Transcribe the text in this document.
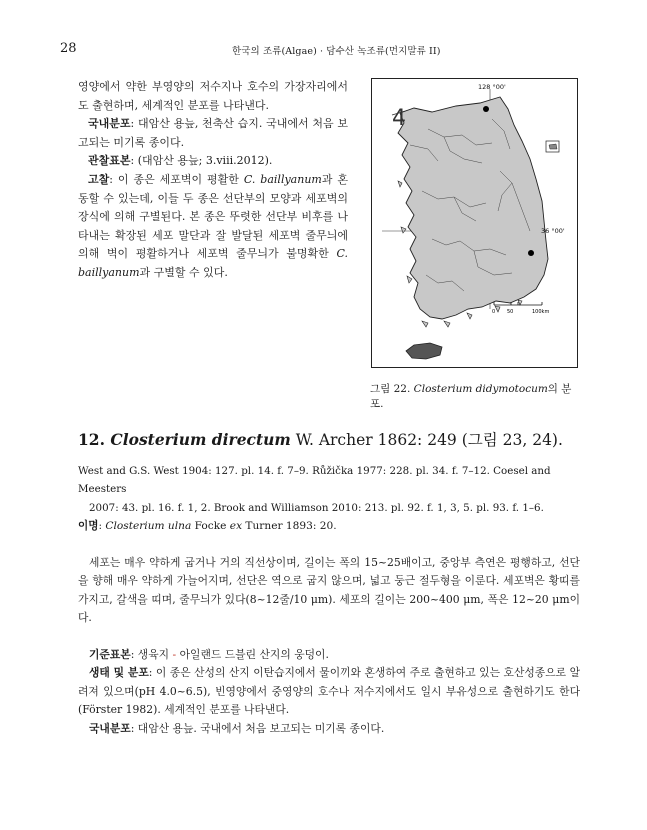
28	한국의 조류(Algae) · 담수산 녹조류(먼지말류 II)

영양에서 약한 부영양의 저수지나 호수의 가장자리에서 도 출현하며, 세계적인 분포를 나타낸다.

국내분포: 대암산 용늪, 천축산 습지. 국내에서 처음 보고되는 미기록 종이다.

관찰표본: (대암산 용늪; 3.viii.2012).

고찰: 이 종은 세포벽이 평활한 C. baillyanum과 혼동할 수 있는데, 이들 두 종은 선단부의 모양과 세포벽의 장식에 의해 구별된다. 본 종은 뚜렷한 선단부 비후를 나타내는 확장된 세포 말단과 잘 발달된 세포벽 줄무늬에 의해 벽이 평활하거나 세포벽 줄무늬가 불명확한 C. baillyanum과 구별할 수 있다.

4
128 °00'
36 °00'
0 50	100km
그림 22. Closterium didymotocum의 분포.
12. Closterium directum W. Archer 1862: 249 (그림 23, 24).
West and G.S. West 1904: 127. pl. 14. f. 7–9. Růžička 1977: 228. pl. 34. f. 7–12. Coesel and Meesters
2007: 43. pl. 16. f. 1, 2. Brook and Williamson 2010: 213. pl. 92. f. 1, 3, 5. pl. 93. f. 1–6.
이명: Closterium ulna Focke ex Turner 1893: 20.

세포는 매우 약하게 굽거나 거의 직선상이며, 길이는 폭의 15~25배이고, 중앙부 측연은 평행하고, 선단을 향해 매우 약하게 가늘어지며, 선단은 역으로 굽지 않으며, 넓고 둥근 절두형을 이룬다. 세포벽은 황띠를 가지고, 갈색을 띠며, 줄무늬가 있다(8~12줄/10 μm). 세포의 길이는 200~400 μm, 폭은 12~20 μm이다.

기준표본: 생육지 - 아일랜드 드블린 산지의 웅덩이.

생태 및 분포: 이 종은 산성의 산지 이탄습지에서 물이끼와 혼생하여 주로 출현하고 있는 호산성종으로 알려져 있으며(pH 4.0~6.5), 빈영양에서 중영양의 호수나 저수지에서도 일시 부유성으로 출현하기도 한다(Förster 1982). 세계적인 분포를 나타낸다.

국내분포: 대암산 용늪. 국내에서 처음 보고되는 미기록 종이다.
